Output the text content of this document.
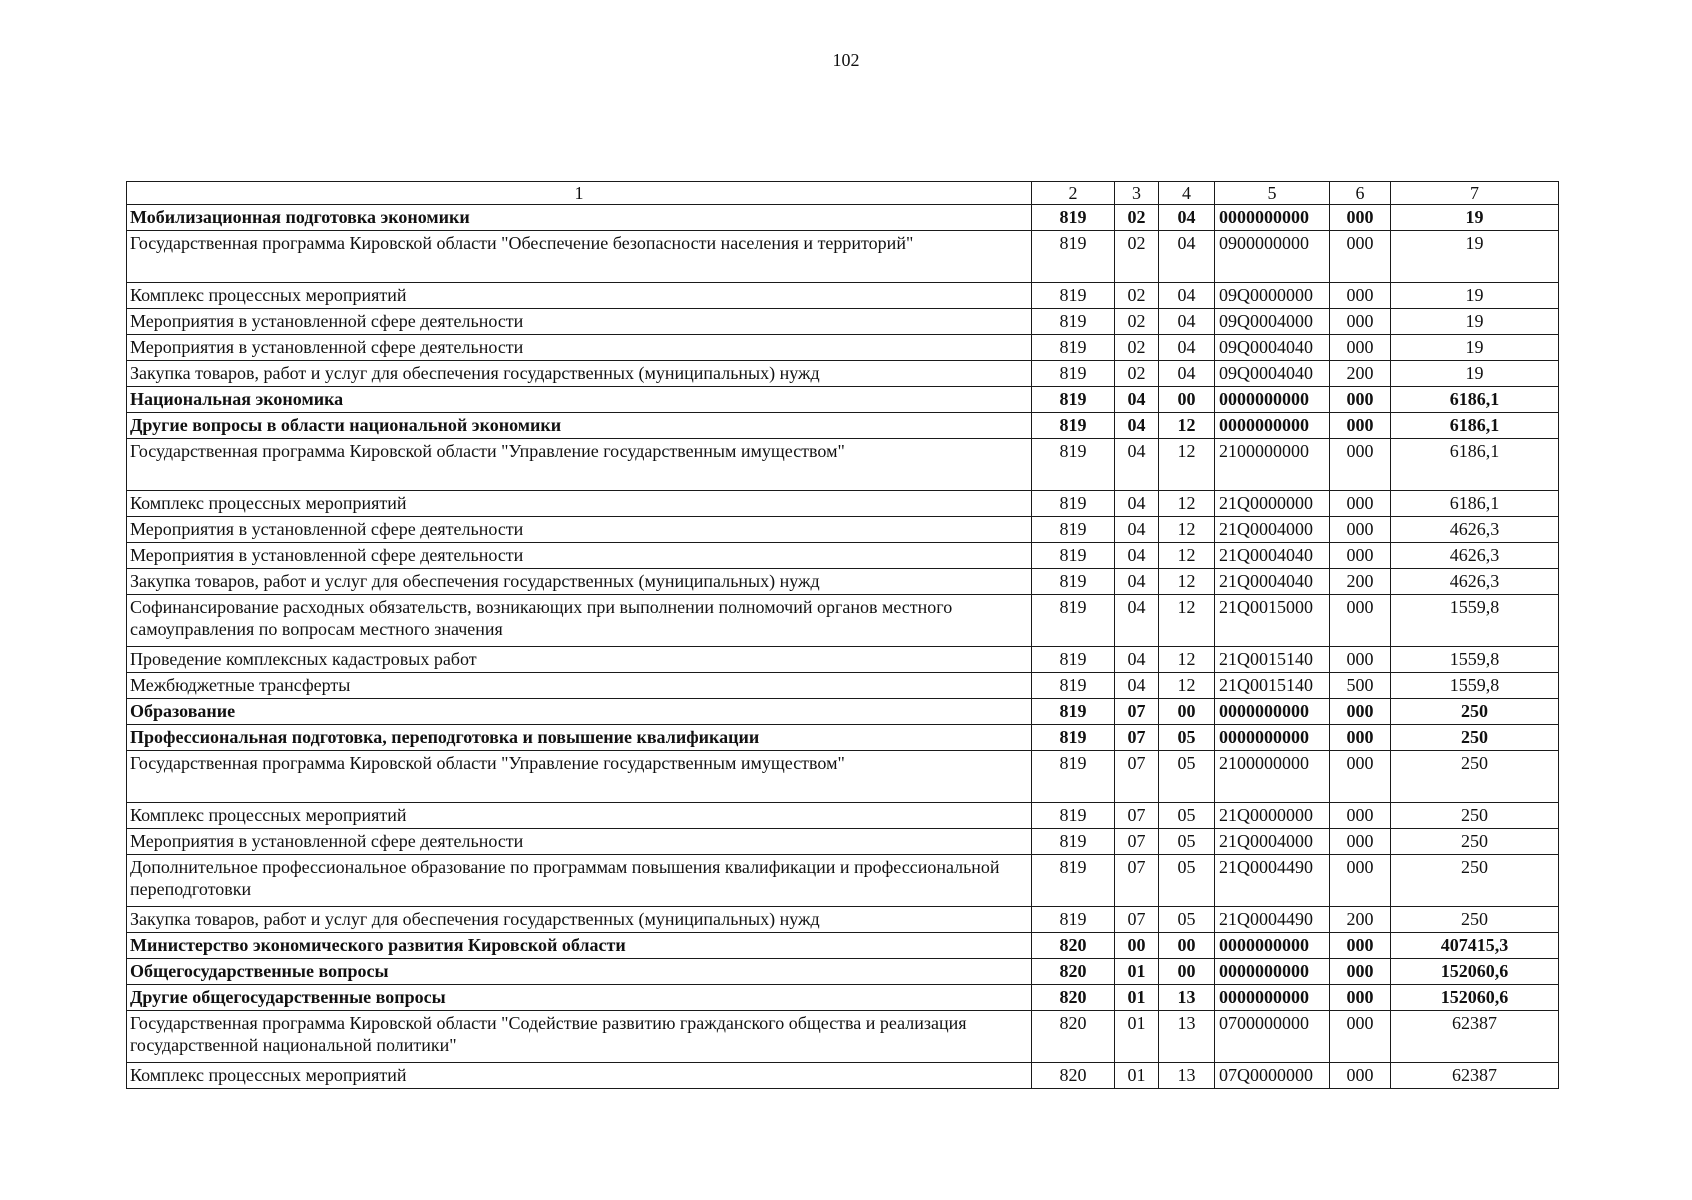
102
1	2	3	4	5	6	7
Мобилизационная подготовка экономики	819	02	04	0000000000	000	19
Государственная программа Кировской области "Обеспечение безопасности населения и территорий"	819	02	04	0900000000	000	19
Комплекс процессных мероприятий	819	02	04	09Q0000000	000	19
Мероприятия в установленной сфере деятельности	819	02	04	09Q0004000	000	19
Мероприятия в установленной сфере деятельности	819	02	04	09Q0004040	000	19
Закупка товаров, работ и услуг для обеспечения государственных (муниципальных) нужд	819	02	04	09Q0004040	200	19
Национальная экономика	819	04	00	0000000000	000	6186,1
Другие вопросы в области национальной экономики	819	04	12	0000000000	000	6186,1
Государственная программа Кировской области "Управление государственным имуществом"	819	04	12	2100000000	000	6186,1
Комплекс процессных мероприятий	819	04	12	21Q0000000	000	6186,1
Мероприятия в установленной сфере деятельности	819	04	12	21Q0004000	000	4626,3
Мероприятия в установленной сфере деятельности	819	04	12	21Q0004040	000	4626,3
Закупка товаров, работ и услуг для обеспечения государственных (муниципальных) нужд	819	04	12	21Q0004040	200	4626,3
Софинансирование расходных обязательств, возникающих при выполнении полномочий органов местного самоуправления по вопросам местного значения	819	04	12	21Q0015000	000	1559,8
Проведение комплексных кадастровых работ	819	04	12	21Q0015140	000	1559,8
Межбюджетные трансферты	819	04	12	21Q0015140	500	1559,8
Образование	819	07	00	0000000000	000	250
Профессиональная подготовка, переподготовка и повышение квалификации	819	07	05	0000000000	000	250
Государственная программа Кировской области "Управление государственным имуществом"	819	07	05	2100000000	000	250
Комплекс процессных мероприятий	819	07	05	21Q0000000	000	250
Мероприятия в установленной сфере деятельности	819	07	05	21Q0004000	000	250
Дополнительное профессиональное образование по программам повышения квалификации и профессиональной переподготовки	819	07	05	21Q0004490	000	250
Закупка товаров, работ и услуг для обеспечения государственных (муниципальных) нужд	819	07	05	21Q0004490	200	250
Министерство экономического развития Кировской области	820	00	00	0000000000	000	407415,3
Общегосударственные вопросы	820	01	00	0000000000	000	152060,6
Другие общегосударственные вопросы	820	01	13	0000000000	000	152060,6
Государственная программа Кировской области "Содействие развитию гражданского общества и реализация государственной национальной политики"	820	01	13	0700000000	000	62387
Комплекс процессных мероприятий	820	01	13	07Q0000000	000	62387
